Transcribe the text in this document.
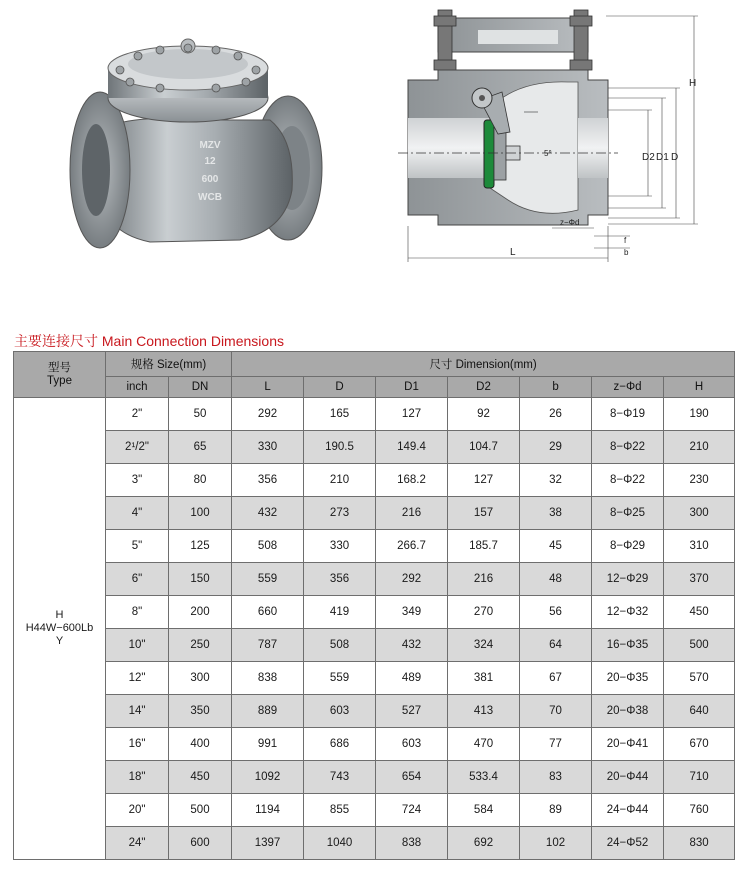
MZV
12
600
WCB
5°
H
D2 D1 D
z−Φd
f
b
L
主要连接尺寸 Main Connection Dimensions
型号
Type	规格 Size(mm)		尺寸 Dimension(mm)						
	inch	DN	L	D	D1	D2	b	z−Φd	H

H
H44W−600Lb
Y	2"	50	292	165	127	92	26	8−Φ19	190
	2¹/2"	65	330	190.5	149.4	104.7	29	8−Φ22	210
	3"	80	356	210	168.2	127	32	8−Φ22	230
	4"	100	432	273	216	157	38	8−Φ25	300
	5"	125	508	330	266.7	185.7	45	8−Φ29	310
	6"	150	559	356	292	216	48	12−Φ29	370
	8"	200	660	419	349	270	56	12−Φ32	450
	10"	250	787	508	432	324	64	16−Φ35	500
	12"	300	838	559	489	381	67	20−Φ35	570
	14"	350	889	603	527	413	70	20−Φ38	640
	16"	400	991	686	603	470	77	20−Φ41	670
	18"	450	1092	743	654	533.4	83	20−Φ44	710
	20"	500	1194	855	724	584	89	24−Φ44	760
	24"	600	1397	1040	838	692	102	24−Φ52	830
